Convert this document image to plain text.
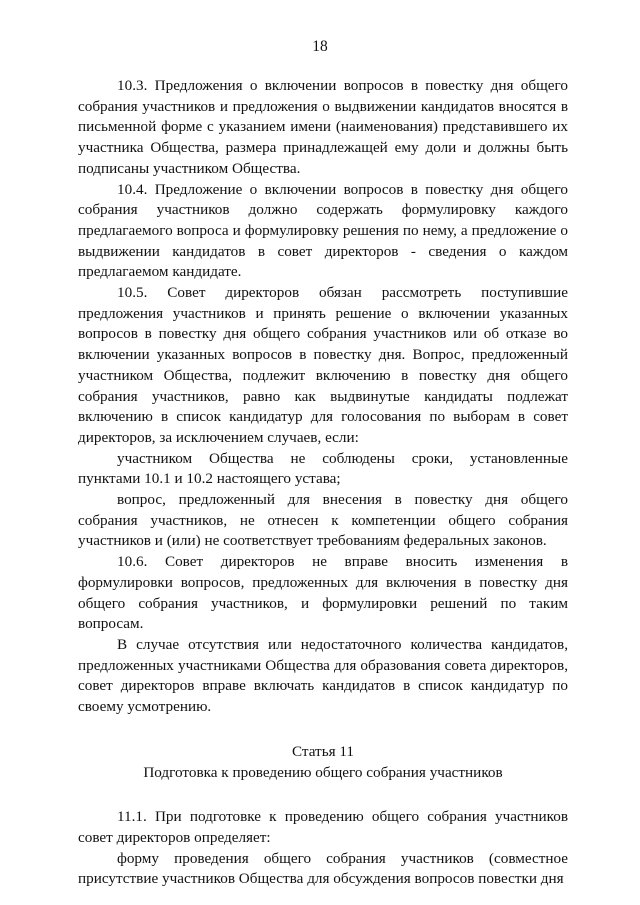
18

10.3. Предложения о включении вопросов в повестку дня общего собрания участников и предложения о выдвижении кандидатов вносятся в письменной форме с указанием имени (наименования) представившего их участника Общества, размера принадлежащей ему доли и должны быть подписаны участником Общества.

10.4. Предложение о включении вопросов в повестку дня общего собрания участников должно содержать формулировку каждого предлагаемого вопроса и формулировку решения по нему, а предложение о выдвижении кандидатов в совет директоров - сведения о каждом предлагаемом кандидате.

10.5. Совет директоров обязан рассмотреть поступившие предложения участников и принять решение о включении указанных вопросов в повестку дня общего собрания участников или об отказе во включении указанных вопросов в повестку дня. Вопрос, предложенный участником Общества, подлежит включению в повестку дня общего собрания участников, равно как выдвинутые кандидаты подлежат включению в список кандидатур для голосования по выборам в совет директоров, за исключением случаев, если:

участником Общества не соблюдены сроки, установленные пунктами 10.1 и 10.2 настоящего устава;

вопрос, предложенный для внесения в повестку дня общего собрания участников, не отнесен к компетенции общего собрания участников и (или) не соответствует требованиям федеральных законов.

10.6. Совет директоров не вправе вносить изменения в формулировки вопросов, предложенных для включения в повестку дня общего собрания участников, и формулировки решений по таким вопросам.

В случае отсутствия или недостаточного количества кандидатов, предложенных участниками Общества для образования совета директоров, совет директоров вправе включать кандидатов в список кандидатур по своему усмотрению.

Статья 11

Подготовка к проведению общего собрания участников

11.1. При подготовке к проведению общего собрания участников совет директоров определяет:

форму проведения общего собрания участников (совместное присутствие участников Общества для обсуждения вопросов повестки дня
